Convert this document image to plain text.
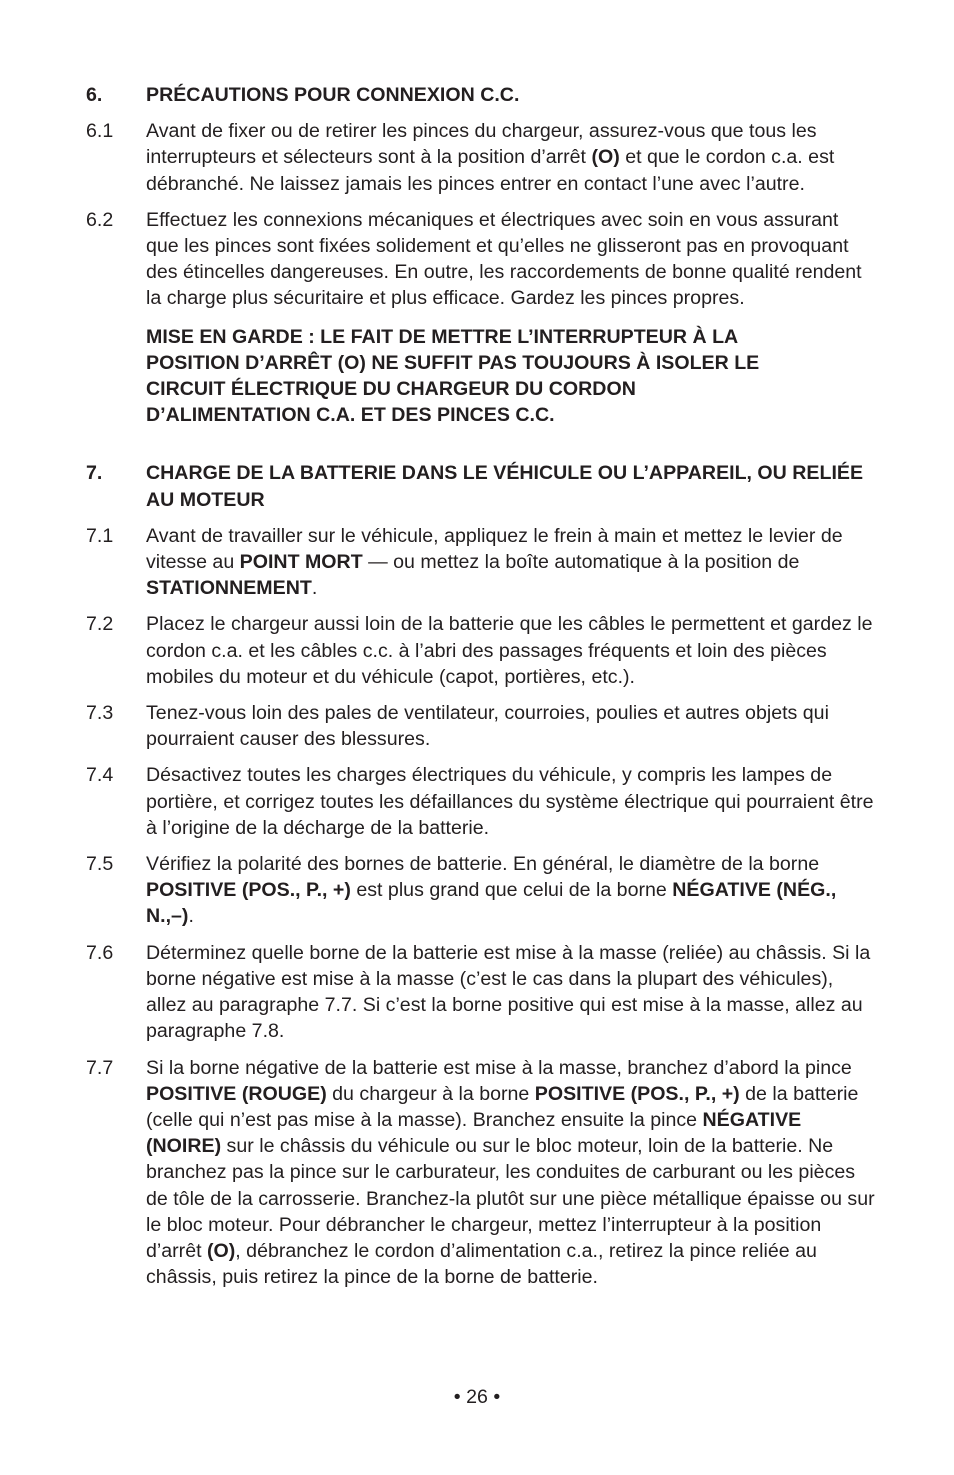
6.	PRÉCAUTIONS POUR CONNEXION C.C.
6.1	Avant de fixer ou de retirer les pinces du chargeur, assurez-vous que tous les interrupteurs et sélecteurs sont à la position d’arrêt (O) et que le cordon c.a. est débranché. Ne laissez jamais les pinces entrer en contact l’une avec l’autre.
6.2	Effectuez les connexions mécaniques et électriques avec soin en vous assurant que les pinces sont fixées solidement et qu’elles ne glisseront pas en provoquant des étincelles dangereuses. En outre, les raccordements de bonne qualité rendent la charge plus sécuritaire et plus efficace. Gardez les pinces propres.
MISE EN GARDE : LE FAIT DE METTRE L’INTERRUPTEUR À LA POSITION D’ARRÊT (O) NE SUFFIT PAS TOUJOURS À ISOLER LE CIRCUIT ÉLECTRIQUE DU CHARGEUR DU CORDON D’ALIMENTATION C.A. ET DES PINCES C.C.
7.	CHARGE DE LA BATTERIE DANS LE VÉHICULE OU L’APPAREIL, OU RELIÉE AU MOTEUR
7.1	Avant de travailler sur le véhicule, appliquez le frein à main et mettez le levier de vitesse au POINT MORT — ou mettez la boîte automatique à la position de STATIONNEMENT.
7.2	Placez le chargeur aussi loin de la batterie que les câbles le permettent et gardez le cordon c.a. et les câbles c.c. à l’abri des passages fréquents et loin des pièces mobiles du moteur et du véhicule (capot, portières, etc.).
7.3	Tenez-vous loin des pales de ventilateur, courroies, poulies et autres objets qui pourraient causer des blessures.
7.4	Désactivez toutes les charges électriques du véhicule, y compris les lampes de portière, et corrigez toutes les défaillances du système électrique qui pourraient être à l’origine de la décharge de la batterie.
7.5	Vérifiez la polarité des bornes de batterie. En général, le diamètre de la borne POSITIVE (POS., P., +) est plus grand que celui de la borne NÉGATIVE (NÉG., N.,–).
7.6	Déterminez quelle borne de la batterie est mise à la masse (reliée) au châssis. Si la borne négative est mise à la masse (c’est le cas dans la plupart des véhicules), allez au paragraphe 7.7. Si c’est la borne positive qui est mise à la masse, allez au paragraphe 7.8.
7.7	Si la borne négative de la batterie est mise à la masse, branchez d’abord la pince POSITIVE (ROUGE) du chargeur à la borne POSITIVE (POS., P., +) de la batterie (celle qui n’est pas mise à la masse). Branchez ensuite la pince NÉGATIVE (NOIRE) sur le châssis du véhicule ou sur le bloc moteur, loin de la batterie. Ne branchez pas la pince sur le carburateur, les conduites de carburant ou les pièces de tôle de la carrosserie. Branchez-la plutôt sur une pièce métallique épaisse ou sur le bloc moteur. Pour débrancher le chargeur, mettez l’interrupteur à la position d’arrêt (O), débranchez le cordon d’alimentation c.a., retirez la pince reliée au châssis, puis retirez la pince de la borne de batterie.
• 26 •
